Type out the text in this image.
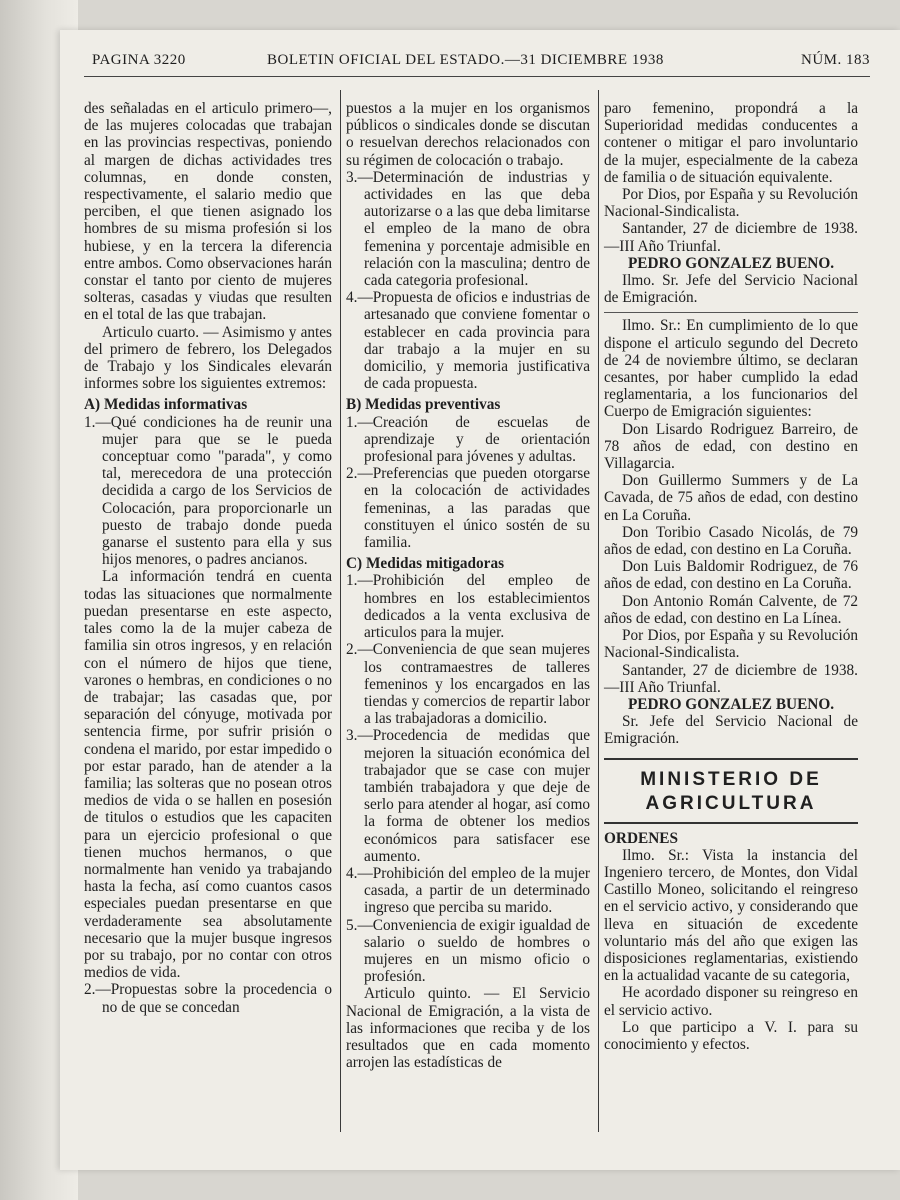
PAGINA 3220	BOLETIN OFICIAL DEL ESTADO.—31 DICIEMBRE 1938	NÚM. 183

des señaladas en el articulo primero—, de las mujeres colocadas que trabajan en las provincias respectivas, poniendo al margen de dichas actividades tres columnas, en donde consten, respectivamente, el salario medio que perciben, el que tienen asignado los hombres de su misma profesión si los hubiese, y en la tercera la diferencia entre ambos. Como observaciones harán constar el tanto por ciento de mujeres solteras, casadas y viudas que resulten en el total de las que trabajan.

Articulo cuarto. — Asimismo y antes del primero de febrero, los Delegados de Trabajo y los Sindicales elevarán informes sobre los siguientes extremos:

A) Medidas informativas

1.—Qué condiciones ha de reunir una mujer para que se le pueda conceptuar como "parada", y como tal, merecedora de una protección decidida a cargo de los Servicios de Colocación, para proporcionarle un puesto de trabajo donde pueda ganarse el sustento para ella y sus hijos menores, o padres ancianos.

La información tendrá en cuenta todas las situaciones que normalmente puedan presentarse en este aspecto, tales como la de la mujer cabeza de familia sin otros ingresos, y en relación con el número de hijos que tiene, varones o hembras, en condiciones o no de trabajar; las casadas que, por separación del cónyuge, motivada por sentencia firme, por sufrir prisión o condena el marido, por estar impedido o por estar parado, han de atender a la familia; las solteras que no posean otros medios de vida o se hallen en posesión de titulos o estudios que les capaciten para un ejercicio profesional o que tienen muchos hermanos, o que normalmente han venido ya trabajando hasta la fecha, así como cuantos casos especiales puedan presentarse en que verdaderamente sea absolutamente necesario que la mujer busque ingresos por su trabajo, por no contar con otros medios de vida.

2.—Propuestas sobre la procedencia o no de que se concedan

puestos a la mujer en los organismos públicos o sindicales donde se discutan o resuelvan derechos relacionados con su régimen de colocación o trabajo.

3.—Determinación de industrias y actividades en las que deba autorizarse o a las que deba limitarse el empleo de la mano de obra femenina y porcentaje admisible en relación con la masculina; dentro de cada categoria profesional.

4.—Propuesta de oficios e industrias de artesanado que conviene fomentar o establecer en cada provincia para dar trabajo a la mujer en su domicilio, y memoria justificativa de cada propuesta.

B) Medidas preventivas

1.—Creación de escuelas de aprendizaje y de orientación profesional para jóvenes y adultas.

2.—Preferencias que pueden otorgarse en la colocación de actividades femeninas, a las paradas que constituyen el único sostén de su familia.

C) Medidas mitigadoras

1.—Prohibición del empleo de hombres en los establecimientos dedicados a la venta exclusiva de articulos para la mujer.

2.—Conveniencia de que sean mujeres los contramaestres de talleres femeninos y los encargados en las tiendas y comercios de repartir labor a las trabajadoras a domicilio.

3.—Procedencia de medidas que mejoren la situación económica del trabajador que se case con mujer también trabajadora y que deje de serlo para atender al hogar, así como la forma de obtener los medios económicos para satisfacer ese aumento.

4.—Prohibición del empleo de la mujer casada, a partir de un determinado ingreso que perciba su marido.

5.—Conveniencia de exigir igualdad de salario o sueldo de hombres o mujeres en un mismo oficio o profesión.

Articulo quinto. — El Servicio Nacional de Emigración, a la vista de las informaciones que reciba y de los resultados que en cada momento arrojen las estadísticas de

paro femenino, propondrá a la Superioridad medidas conducentes a contener o mitigar el paro involuntario de la mujer, especialmente de la cabeza de familia o de situación equivalente.

Por Dios, por España y su Revolución Nacional-Sindicalista.

Santander, 27 de diciembre de 1938.—III Año Triunfal.

PEDRO GONZALEZ BUENO.

Ilmo. Sr. Jefe del Servicio Nacional de Emigración.

Ilmo. Sr.: En cumplimiento de lo que dispone el articulo segundo del Decreto de 24 de noviembre último, se declaran cesantes, por haber cumplido la edad reglamentaria, a los funcionarios del Cuerpo de Emigración siguientes:

Don Lisardo Rodriguez Barreiro, de 78 años de edad, con destino en Villagarcia.

Don Guillermo Summers y de La Cavada, de 75 años de edad, con destino en La Coruña.

Don Toribio Casado Nicolás, de 79 años de edad, con destino en La Coruña.

Don Luis Baldomir Rodriguez, de 76 años de edad, con destino en La Coruña.

Don Antonio Román Calvente, de 72 años de edad, con destino en La Línea.

Por Dios, por España y su Revolución Nacional-Sindicalista.

Santander, 27 de diciembre de 1938.—III Año Triunfal.

PEDRO GONZALEZ BUENO.

Sr. Jefe del Servicio Nacional de Emigración.

MINISTERIO DE AGRICULTURA

ORDENES

Ilmo. Sr.: Vista la instancia del Ingeniero tercero, de Montes, don Vidal Castillo Moneo, solicitando el reingreso en el servicio activo, y considerando que lleva en situación de excedente voluntario más del año que exigen las disposiciones reglamentarias, existiendo en la actualidad vacante de su categoria,

He acordado disponer su reingreso en el servicio activo.

Lo que participo a V. I. para su conocimiento y efectos.
